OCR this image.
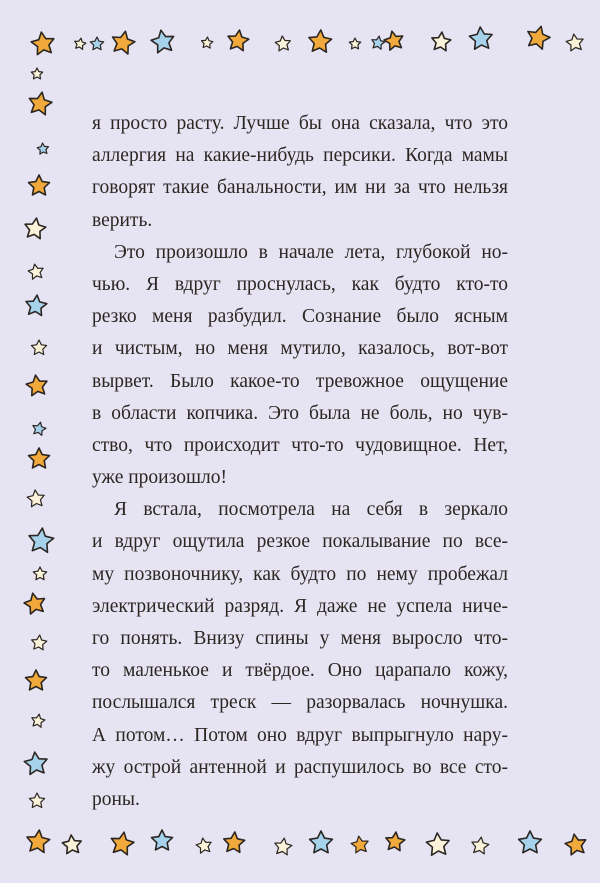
я просто расту. Лучше бы она сказала, что это
аллергия на какие-нибудь персики. Когда мамы
говорят такие банальности, им ни за что нельзя
верить.

Это произошло в начале лета, глубокой но-
чью. Я вдруг проснулась, как будто кто-то
резко меня разбудил. Сознание было ясным
и чистым, но меня мутило, казалось, вот-вот
вырвет. Было какое-то тревожное ощущение
в области копчика. Это была не боль, но чув-
ство, что происходит что-то чудовищное. Нет,
уже произошло!

Я встала, посмотрела на себя в зеркало
и вдруг ощутила резкое покалывание по все-
му позвоночнику, как будто по нему пробежал
электрический разряд. Я даже не успела ниче-
го понять. Внизу спины у меня выросло что-
то маленькое и твёрдое. Оно царапало кожу,
послышался треск — разорвалась ночнушка.
А потом… Потом оно вдруг выпрыгнуло нару-
жу острой антенной и распушилось во все сто-
роны.
